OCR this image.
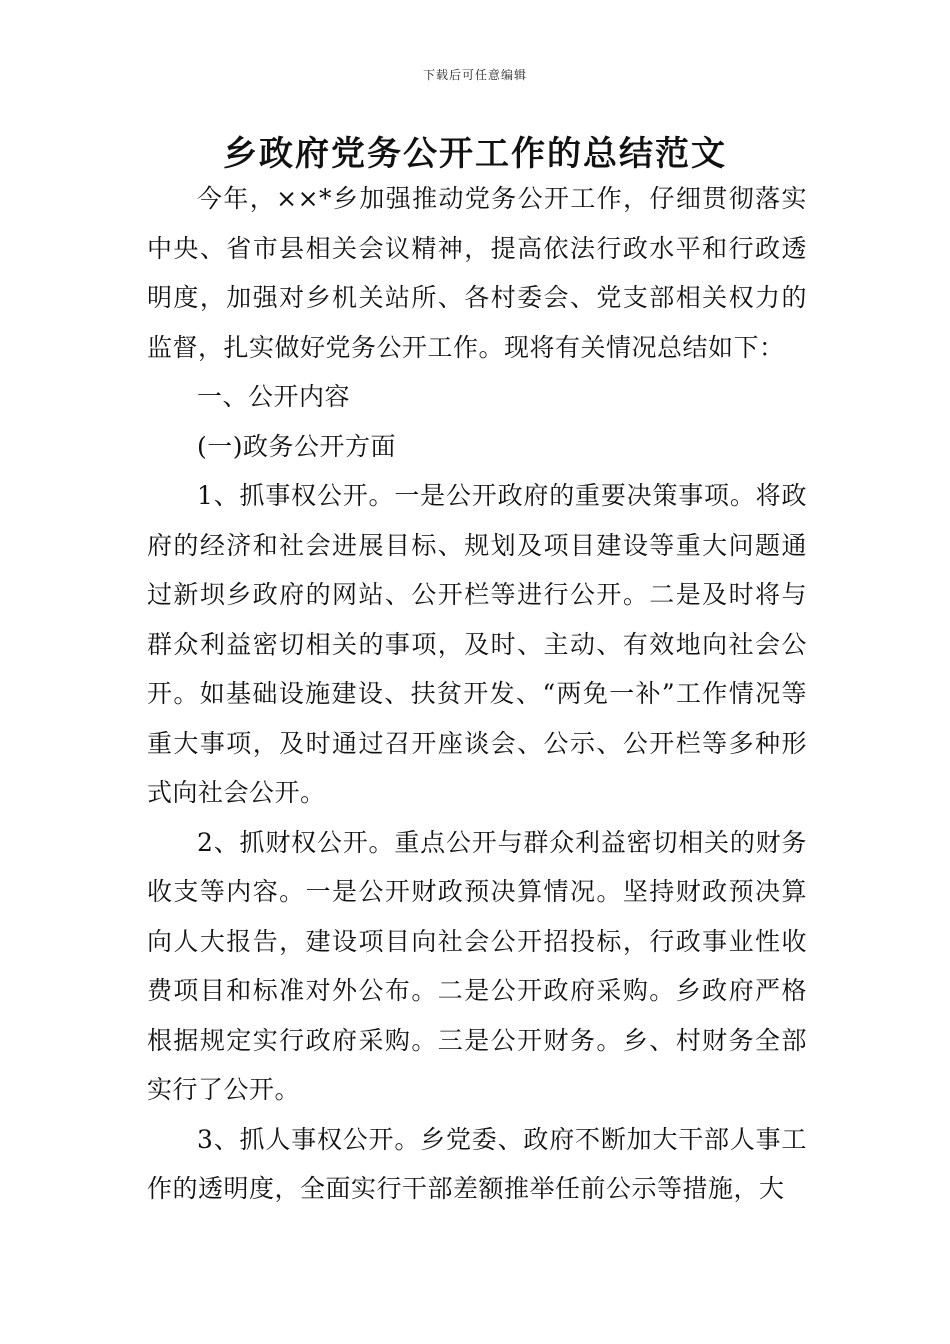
下载后可任意编辑
乡政府党务公开工作的总结范文

今年，××*乡加强推动党务公开工作，仔细贯彻落实中央、省市县相关会议精神，提高依法行政水平和行政透明度，加强对乡机关站所、各村委会、党支部相关权力的监督，扎实做好党务公开工作。现将有关情况总结如下：

一、公开内容

(一)政务公开方面

1、抓事权公开。一是公开政府的重要决策事项。将政府的经济和社会进展目标、规划及项目建设等重大问题通过新坝乡政府的网站、公开栏等进行公开。二是及时将与群众利益密切相关的事项，及时、主动、有效地向社会公开。如基础设施建设、扶贫开发、“两免一补”工作情况等重大事项，及时通过召开座谈会、公示、公开栏等多种形式向社会公开。

2、抓财权公开。重点公开与群众利益密切相关的财务收支等内容。一是公开财政预决算情况。坚持财政预决算向人大报告，建设项目向社会公开招投标，行政事业性收费项目和标准对外公布。二是公开政府采购。乡政府严格根据规定实行政府采购。三是公开财务。乡、村财务全部实行了公开。

3、抓人事权公开。乡党委、政府不断加大干部人事工作的透明度，全面实行干部差额推举任前公示等措施，大
